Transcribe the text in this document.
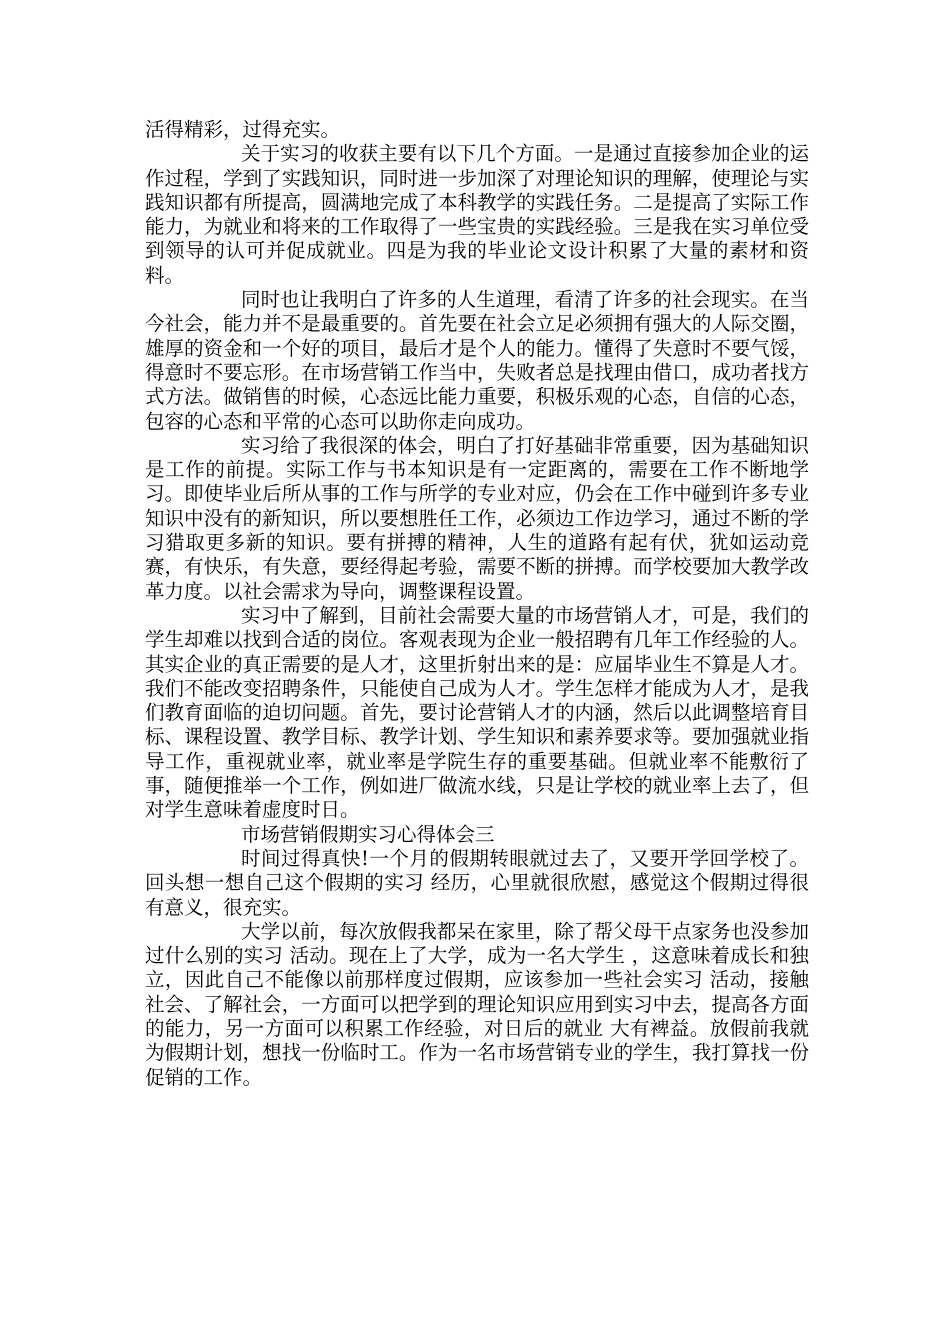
活得精彩，过得充实。

关于实习的收获主要有以下几个方面。一是通过直接参加企业的运作过程，学到了实践知识，同时进一步加深了对理论知识的理解，使理论与实践知识都有所提高，圆满地完成了本科教学的实践任务。二是提高了实际工作能力，为就业和将来的工作取得了一些宝贵的实践经验。三是我在实习单位受到领导的认可并促成就业。四是为我的毕业论文设计积累了大量的素材和资料。

同时也让我明白了许多的人生道理，看清了许多的社会现实。在当今社会，能力并不是最重要的。首先要在社会立足必须拥有强大的人际交圈，雄厚的资金和一个好的项目，最后才是个人的能力。懂得了失意时不要气馁，得意时不要忘形。在市场营销工作当中，失败者总是找理由借口，成功者找方式方法。做销售的时候，心态远比能力重要，积极乐观的心态，自信的心态，包容的心态和平常的心态可以助你走向成功。

实习给了我很深的体会，明白了打好基础非常重要，因为基础知识是工作的前提。实际工作与书本知识是有一定距离的，需要在工作不断地学习。即使毕业后所从事的工作与所学的专业对应，仍会在工作中碰到许多专业知识中没有的新知识，所以要想胜任工作，必须边工作边学习，通过不断的学习猎取更多新的知识。要有拼搏的精神，人生的道路有起有伏，犹如运动竞赛，有快乐，有失意，要经得起考验，需要不断的拼搏。而学校要加大教学改革力度。以社会需求为导向，调整课程设置。

实习中了解到，目前社会需要大量的市场营销人才，可是，我们的学生却难以找到合适的岗位。客观表现为企业一般招聘有几年工作经验的人。其实企业的真正需要的是人才，这里折射出来的是：应届毕业生不算是人才。我们不能改变招聘条件，只能使自己成为人才。学生怎样才能成为人才，是我们教育面临的迫切问题。首先，要讨论营销人才的内涵，然后以此调整培育目标、课程设置、教学目标、教学计划、学生知识和素养要求等。要加强就业指导工作，重视就业率，就业率是学院生存的重要基础。但就业率不能敷衍了事，随便推举一个工作，例如进厂做流水线，只是让学校的就业率上去了，但对学生意味着虚度时日。

市场营销假期实习心得体会三

时间过得真快!一个月的假期转眼就过去了，又要开学回学校了。回头想一想自己这个假期的实习 经历，心里就很欣慰，感觉这个假期过得很有意义，很充实。

大学以前，每次放假我都呆在家里，除了帮父母干点家务也没参加过什么别的实习 活动。现在上了大学，成为一名大学生 ，这意味着成长和独立，因此自己不能像以前那样度过假期，应该参加一些社会实习 活动，接触社会、了解社会，一方面可以把学到的理论知识应用到实习中去，提高各方面的能力，另一方面可以积累工作经验，对日后的就业 大有裨益。放假前我就为假期计划，想找一份临时工。作为一名市场营销专业的学生，我打算找一份促销的工作。
